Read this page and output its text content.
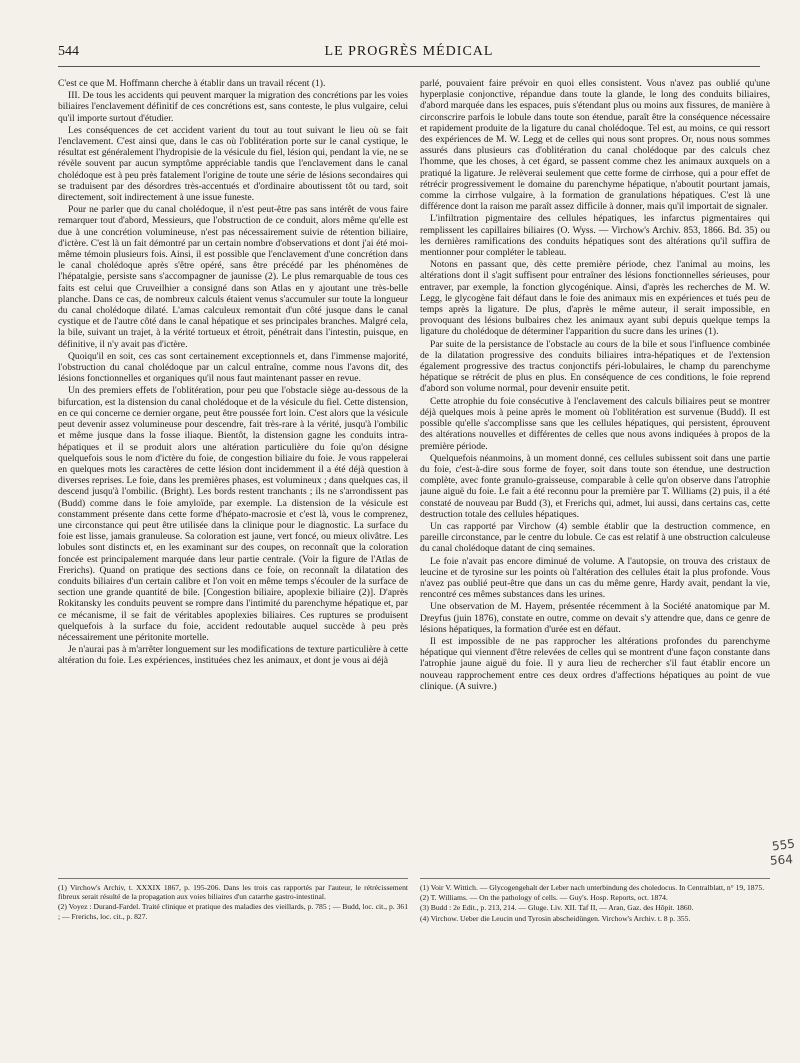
544	LE PROGRÈS MÉDICAL

C'est ce que M. Hoffmann cherche à établir dans un travail récent (1).

III. De tous les accidents qui peuvent marquer la migration des concrétions par les voies biliaires l'enclavement définitif de ces concrétions est, sans conteste, le plus vulgaire, celui qu'il importe surtout d'étudier.

Les conséquences de cet accident varient du tout au tout suivant le lieu où se fait l'enclavement. C'est ainsi que, dans le cas où l'oblitération porte sur le canal cystique, le résultat est généralement l'hydropisie de la vésicule du fiel, lésion qui, pendant la vie, ne se révèle souvent par aucun symptôme appréciable tandis que l'enclavement dans le canal cholédoque est à peu près fatalement l'origine de toute une série de lésions secondaires qui se traduisent par des désordres très-accentués et d'ordinaire aboutissent tôt ou tard, soit directement, soit indirectement à une issue funeste.

Pour ne parler que du canal cholédoque, il n'est peut-être pas sans intérêt de vous faire remarquer tout d'abord, Messieurs, que l'obstruction de ce conduit, alors même qu'elle est due à une concrétion volumineuse, n'est pas nécessairement suivie de rétention biliaire, d'ictère. C'est là un fait démontré par un certain nombre d'observations et dont j'ai été moi-même témoin plusieurs fois. Ainsi, il est possible que l'enclavement d'une concrétion dans le canal cholédoque après s'être opéré, sans être précédé par les phénomènes de l'hépatalgie, persiste sans s'accompagner de jaunisse (2). Le plus remarquable de tous ces faits est celui que Cruveilhier a consigné dans son Atlas en y ajoutant une très-belle planche. Dans ce cas, de nombreux calculs étaient venus s'accumuler sur toute la longueur du canal cholédoque dilaté. L'amas calculeux remontait d'un côté jusque dans le canal cystique et de l'autre côté dans le canal hépatique et ses principales branches. Malgré cela, la bile, suivant un trajet, à la vérité tortueux et étroit, pénétrait dans l'intestin, puisque, en définitive, il n'y avait pas d'ictère.

Quoiqu'il en soit, ces cas sont certainement exceptionnels et, dans l'immense majorité, l'obstruction du canal cholédoque par un calcul entraîne, comme nous l'avons dit, des lésions fonctionnelles et organiques qu'il nous faut maintenant passer en revue.

Un des premiers effets de l'oblitération, pour peu que l'obstacle siège au-dessous de la bifurcation, est la distension du canal cholédoque et de la vésicule du fiel. Cette distension, en ce qui concerne ce dernier organe, peut être poussée fort loin. C'est alors que la vésicule peut devenir assez volumineuse pour descendre, fait très-rare à la vérité, jusqu'à l'ombilic et même jusque dans la fosse iliaque. Bientôt, la distension gagne les conduits intra-hépatiques et il se produit alors une altération particulière du foie qu'on désigne quelquefois sous le nom d'ictère du foie, de congestion biliaire du foie. Je vous rappelerai en quelques mots les caractères de cette lésion dont incidemment il a été déjà question à diverses reprises. Le foie, dans les premières phases, est volumineux ; dans quelques cas, il descend jusqu'à l'ombilic. (Bright). Les bords restent tranchants ; ils ne s'arrondissent pas (Budd) comme dans le foie amyloïde, par exemple. La distension de la vésicule est constamment présente dans cette forme d'hépato-macrosie et c'est là, vous le comprenez, une circonstance qui peut être utilisée dans la clinique pour le diagnostic. La surface du foie est lisse, jamais granuleuse. Sa coloration est jaune, vert foncé, ou mieux olivâtre. Les lobules sont distincts et, en les examinant sur des coupes, on reconnaît que la coloration foncée est principalement marquée dans leur partie centrale. (Voir la figure de l'Atlas de Frerichs). Quand on pratique des sections dans ce foie, on reconnaît la dilatation des conduits biliaires d'un certain calibre et l'on voit en même temps s'écouler de la surface de section une grande quantité de bile. [Congestion biliaire, apoplexie biliaire (2)]. D'après Rokitansky les conduits peuvent se rompre dans l'intimité du parenchyme hépatique et, par ce mécanisme, il se fait de véritables apoplexies biliaires. Ces ruptures se produisent quelquefois à la surface du foie, accident redoutable auquel succède à peu près nécessairement une péritonite mortelle.

Je n'aurai pas à m'arrêter longuement sur les modifications de texture particulière à cette altération du foie. Les expériences, instituées chez les animaux, et dont je vous ai déjà

parlé, pouvaient faire prévoir en quoi elles consistent. Vous n'avez pas oublié qu'une hyperplasie conjonctive, répandue dans toute la glande, le long des conduits biliaires, d'abord marquée dans les espaces, puis s'étendant plus ou moins aux fissures, de manière à circonscrire parfois le lobule dans toute son étendue, paraît être la conséquence nécessaire et rapidement produite de la ligature du canal cholédoque. Tel est, au moins, ce qui ressort des expériences de M. W. Legg et de celles qui nous sont propres. Or, nous nous sommes assurés dans plusieurs cas d'oblitération du canal cholédoque par des calculs chez l'homme, que les choses, à cet égard, se passent comme chez les animaux auxquels on a pratiqué la ligature. Je relèverai seulement que cette forme de cirrhose, qui a pour effet de rétrécir progressivement le domaine du parenchyme hépatique, n'aboutit pourtant jamais, comme la cirrhose vulgaire, à la formation de granulations hépatiques. C'est là une différence dont la raison me paraît assez difficile à donner, mais qu'il importait de signaler.

L'infiltration pigmentaire des cellules hépatiques, les infarctus pigmentaires qui remplissent les capillaires biliaires (O. Wyss. — Virchow's Archiv. 853, 1866. Bd. 35) ou les dernières ramifications des conduits hépatiques sont des altérations qu'il suffira de mentionner pour compléter le tableau.

Notons en passant que, dès cette première période, chez l'animal au moins, les altérations dont il s'agit suffisent pour entraîner des lésions fonctionnelles sérieuses, pour entraver, par exemple, la fonction glycogénique. Ainsi, d'après les recherches de M. W. Legg, le glycogène fait défaut dans le foie des animaux mis en expériences et tués peu de temps après la ligature. De plus, d'après le même auteur, il serait impossible, en provoquant des lésions bulbaires chez les animaux ayant subi depuis quelque temps la ligature du cholédoque de déterminer l'apparition du sucre dans les urines (1).

Par suite de la persistance de l'obstacle au cours de la bile et sous l'influence combinée de la dilatation progressive des conduits biliaires intra-hépatiques et de l'extension également progressive des tractus conjonctifs péri-lobulaires, le champ du parenchyme hépatique se rétrécit de plus en plus. En conséquence de ces conditions, le foie reprend d'abord son volume normal, pour devenir ensuite petit.

Cette atrophie du foie consécutive à l'enclavement des calculs biliaires peut se montrer déjà quelques mois à peine après le moment où l'oblitération est survenue (Budd). Il est possible qu'elle s'accomplisse sans que les cellules hépatiques, qui persistent, éprouvent des altérations nouvelles et différentes de celles que nous avons indiquées à propos de la première période.

Quelquefois néanmoins, à un moment donné, ces cellules subissent soit dans une partie du foie, c'est-à-dire sous forme de foyer, soit dans toute son étendue, une destruction complète, avec fonte granulo-graisseuse, comparable à celle qu'on observe dans l'atrophie jaune aiguë du foie. Le fait a été reconnu pour la première par T. Williams (2) puis, il a été constaté de nouveau par Budd (3), et Frerichs qui, admet, lui aussi, dans certains cas, cette destruction totale des cellules hépatiques.

Un cas rapporté par Virchow (4) semble établir que la destruction commence, en pareille circonstance, par le centre du lobule. Ce cas est relatif à une obstruction calculeuse du canal cholédoque datant de cinq semaines.

Le foie n'avait pas encore diminué de volume. A l'autopsie, on trouva des cristaux de leucine et de tyrosine sur les points où l'altération des cellules était la plus profonde. Vous n'avez pas oublié peut-être que dans un cas du même genre, Hardy avait, pendant la vie, rencontré ces mêmes substances dans les urines.

Une observation de M. Hayem, présentée récemment à la Société anatomique par M. Dreyfus (juin 1876), constate en outre, comme on devait s'y attendre que, dans ce genre de lésions hépatiques, la formation d'urée est en défaut.

Il est impossible de ne pas rapprocher les altérations profondes du parenchyme hépatique qui viennent d'être relevées de celles qui se montrent d'une façon constante dans l'atrophie jaune aiguë du foie. Il y aura lieu de rechercher s'il faut établir encore un nouveau rapprochement entre ces deux ordres d'affections hépatiques au point de vue clinique. (A suivre.)

(1) Virchow's Archiv, t. XXXIX 1867, p. 195-206. Dans les trois cas rapportés par l'auteur, le rétrécissement fibreux serait résulté de la propagation aux voies biliaires d'un catarrhe gastro-intestinal.

(2) Voyez : Durand-Fardel. Traité clinique et pratique des maladies des vieillards, p. 785 ; — Budd, loc. cit., p. 361 ; — Frerichs, loc. cit., p. 827.

(1) Voir V. Wittich. — Glycogengehalt der Leber nach unterbindung des choledocus. In Centralblatt, n° 19, 1875.

(2) T. Williams. — On the pathology of cells. — Guy's. Hosp. Reports, oct. 1874.

(3) Budd : 2e Edit., p. 213, 214. — Gluge. Liv. XII. Taf II, — Aran, Gaz. des Hôpit. 1860.

(4) Virchow. Ueber die Leucin und Tyrosin abscheidüngen. Virchow's Archiv. t. 8 p. 355.

555
564
